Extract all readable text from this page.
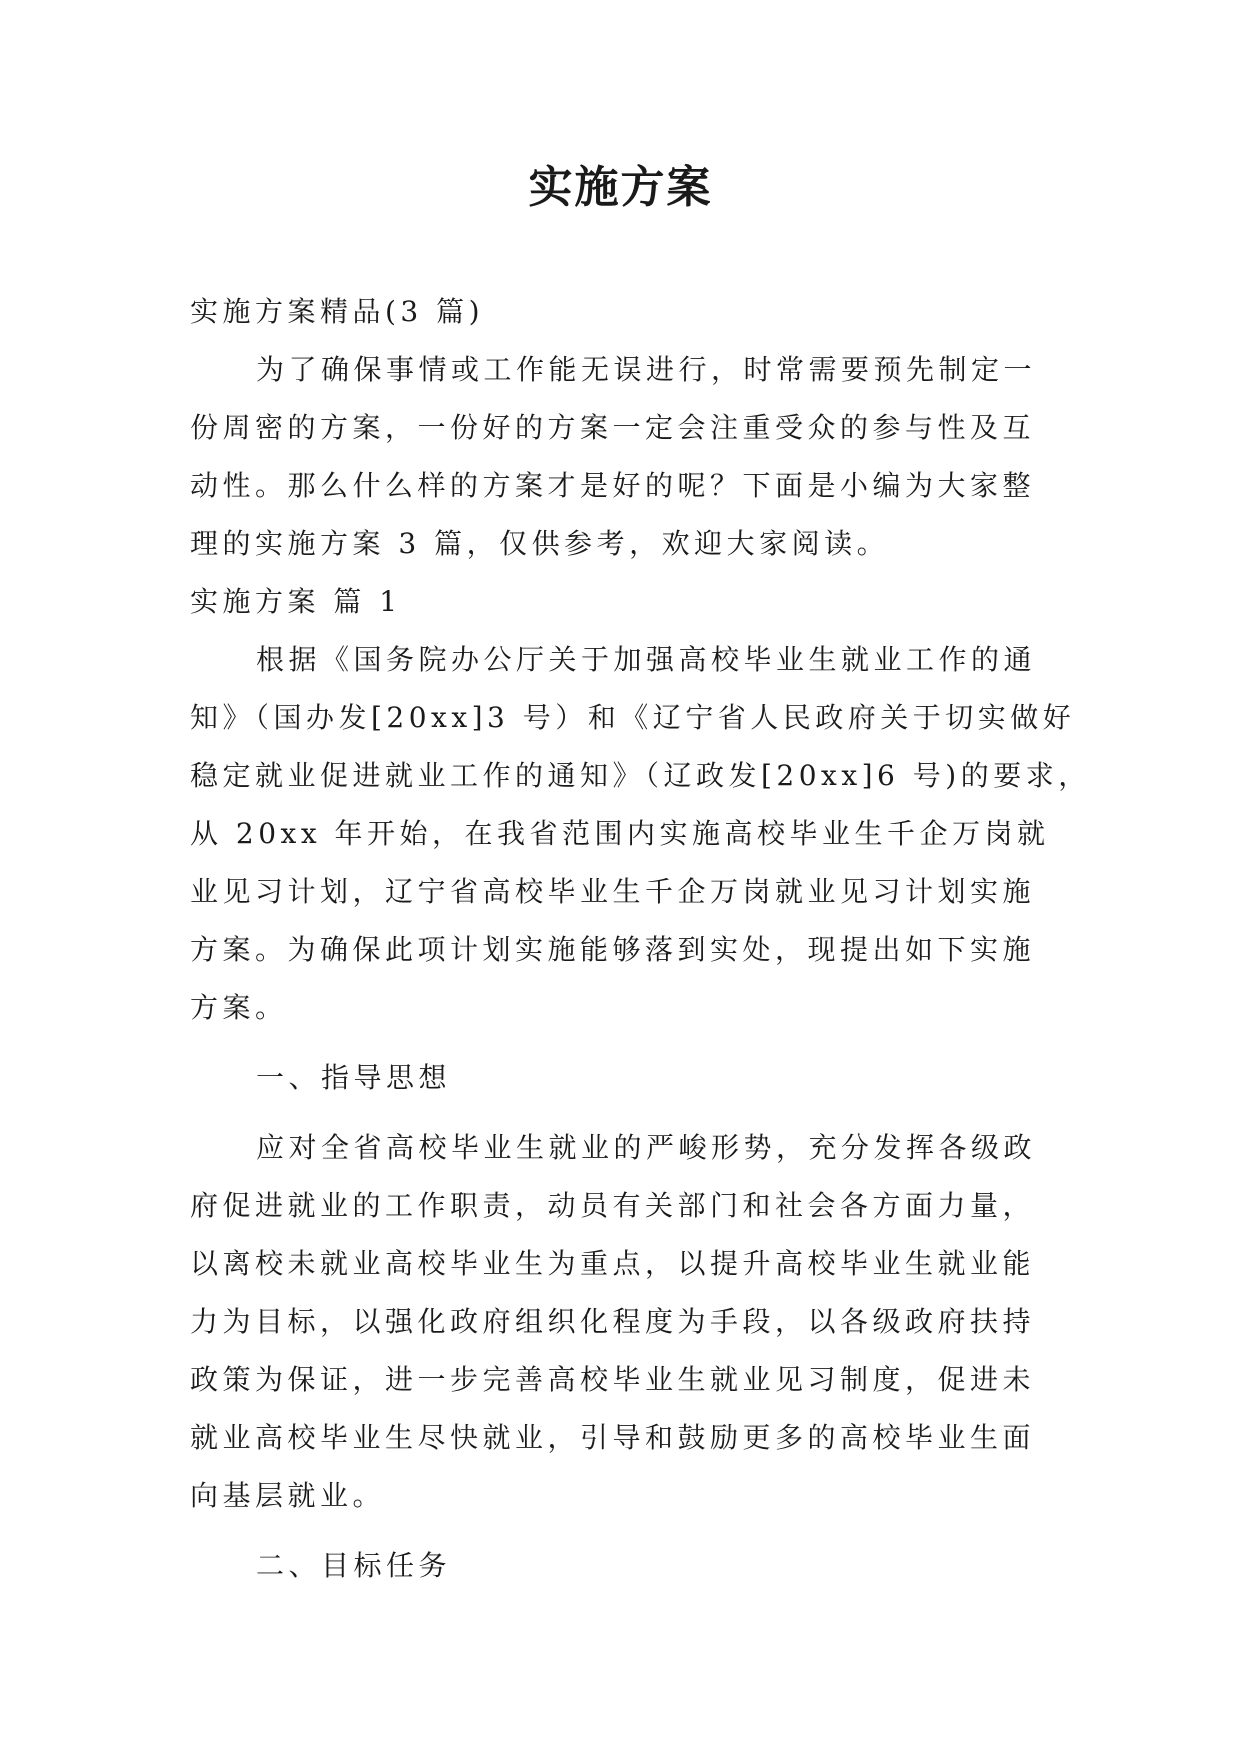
实施方案

实施方案精品(3 篇)

为了确保事情或工作能无误进行，时常需要预先制定一

份周密的方案，一份好的方案一定会注重受众的参与性及互

动性。那么什么样的方案才是好的呢？下面是小编为大家整

理的实施方案 3 篇，仅供参考，欢迎大家阅读。

实施方案 篇 1

根据《国务院办公厅关于加强高校毕业生就业工作的通

知》（国办发[20xx]3 号）和《辽宁省人民政府关于切实做好

稳定就业促进就业工作的通知》（辽政发[20xx]6 号)的要求，

从 20xx 年开始，在我省范围内实施高校毕业生千企万岗就

业见习计划，辽宁省高校毕业生千企万岗就业见习计划实施

方案。为确保此项计划实施能够落到实处，现提出如下实施

方案。

一、指导思想

应对全省高校毕业生就业的严峻形势，充分发挥各级政

府促进就业的工作职责，动员有关部门和社会各方面力量，

以离校未就业高校毕业生为重点，以提升高校毕业生就业能

力为目标，以强化政府组织化程度为手段，以各级政府扶持

政策为保证，进一步完善高校毕业生就业见习制度，促进未

就业高校毕业生尽快就业，引导和鼓励更多的高校毕业生面

向基层就业。

二、目标任务
